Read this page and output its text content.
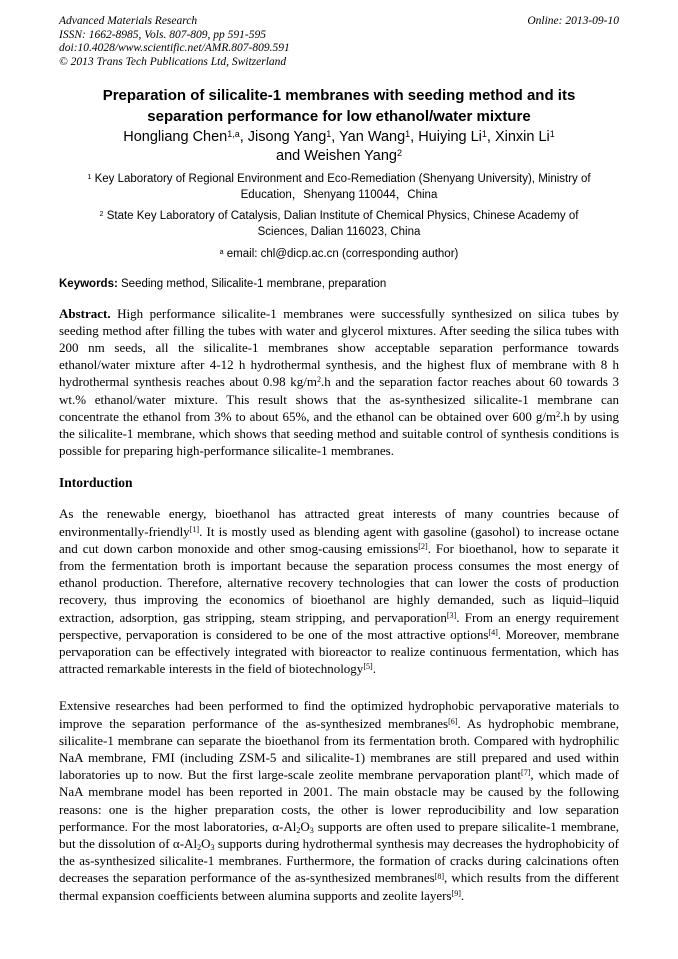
Advanced Materials Research
ISSN: 1662-8985, Vols. 807-809, pp 591-595
doi:10.4028/www.scientific.net/AMR.807-809.591
© 2013 Trans Tech Publications Ltd, Switzerland
Online: 2013-09-10
Preparation of silicalite-1 membranes with seeding method and its
separation performance for low ethanol/water mixture
Hongliang Chen$^{1,a}$, Jisong Yang$^1$, Yan Wang$^1$, Huiying Li$^1$, Xinxin Li$^1$
and Weishen Yang$^2$
$^1$ Key Laboratory of Regional Environment and Eco-Remediation (Shenyang University), Ministry of
Education，Shenyang 110044，China
$^2$ State Key Laboratory of Catalysis, Dalian Institute of Chemical Physics, Chinese Academy of
Sciences, Dalian 116023, China
$^a$ email: chl@dicp.ac.cn (corresponding author)
Keywords: Seeding method, Silicalite-1 membrane, preparation
Abstract. High performance silicalite-1 membranes were successfully synthesized on silica tubes by seeding method after filling the tubes with water and glycerol mixtures. After seeding the silica tubes with 200 nm seeds, all the silicalite-1 membranes show acceptable separation performance towards ethanol/water mixture after 4-12 h hydrothermal synthesis, and the highest flux of membrane with 8 h hydrothermal synthesis reaches about 0.98 $kg/m^2.h$ and the separation factor reaches about 60 towards 3 wt.% ethanol/water mixture. This result shows that the as-synthesized silicalite-1 membrane can concentrate the ethanol from 3% to about 65%, and the ethanol can be obtained over 600 $g/m^2.h$ by using the silicalite-1 membrane, which shows that seeding method and suitable control of synthesis conditions is possible for preparing high-performance silicalite-1 membranes.
Intorduction
As the renewable energy, bioethanol has attracted great interests of many countries because of environmentally-friendly[1]. It is mostly used as blending agent with gasoline (gasohol) to increase octane and cut down carbon monoxide and other smog-causing emissions[2]. For bioethanol, how to separate it from the fermentation broth is important because the separation process consumes the most energy of ethanol production. Therefore, alternative recovery technologies that can lower the costs of production recovery, thus improving the economics of bioethanol are highly demanded, such as liquid–liquid extraction, adsorption, gas stripping, steam stripping, and pervaporation[3]. From an energy requirement perspective, pervaporation is considered to be one of the most attractive options[4]. Moreover, membrane pervaporation can be effectively integrated with bioreactor to realize continuous fermentation, which has attracted remarkable interests in the field of biotechnology[5].
Extensive researches had been performed to find the optimized hydrophobic pervaporative materials to improve the separation performance of the as-synthesized membranes[6]. As hydrophobic membrane, silicalite-1 membrane can separate the bioethanol from its fermentation broth. Compared with hydrophilic NaA membrane, FMI (including ZSM-5 and silicalite-1) membranes are still prepared and used within laboratories up to now. But the first large-scale zeolite membrane pervaporation plant[7], which made of NaA membrane model has been reported in 2001. The main obstacle may be caused by the following reasons: one is the higher preparation costs, the other is lower reproducibility and low separation performance. For the most laboratories, $\alpha-Al_2O_3$ supports are often used to prepare silicalite-1 membrane, but the dissolution of $\alpha-Al_2O_3$ supports during hydrothermal synthesis may decreases the hydrophobicity of the as-synthesized silicalite-1 membranes. Furthermore, the formation of cracks during calcinations often decreases the separation performance of the as-synthesized membranes[8], which results from the different thermal expansion coefficients between alumina supports and zeolite layers[9].
